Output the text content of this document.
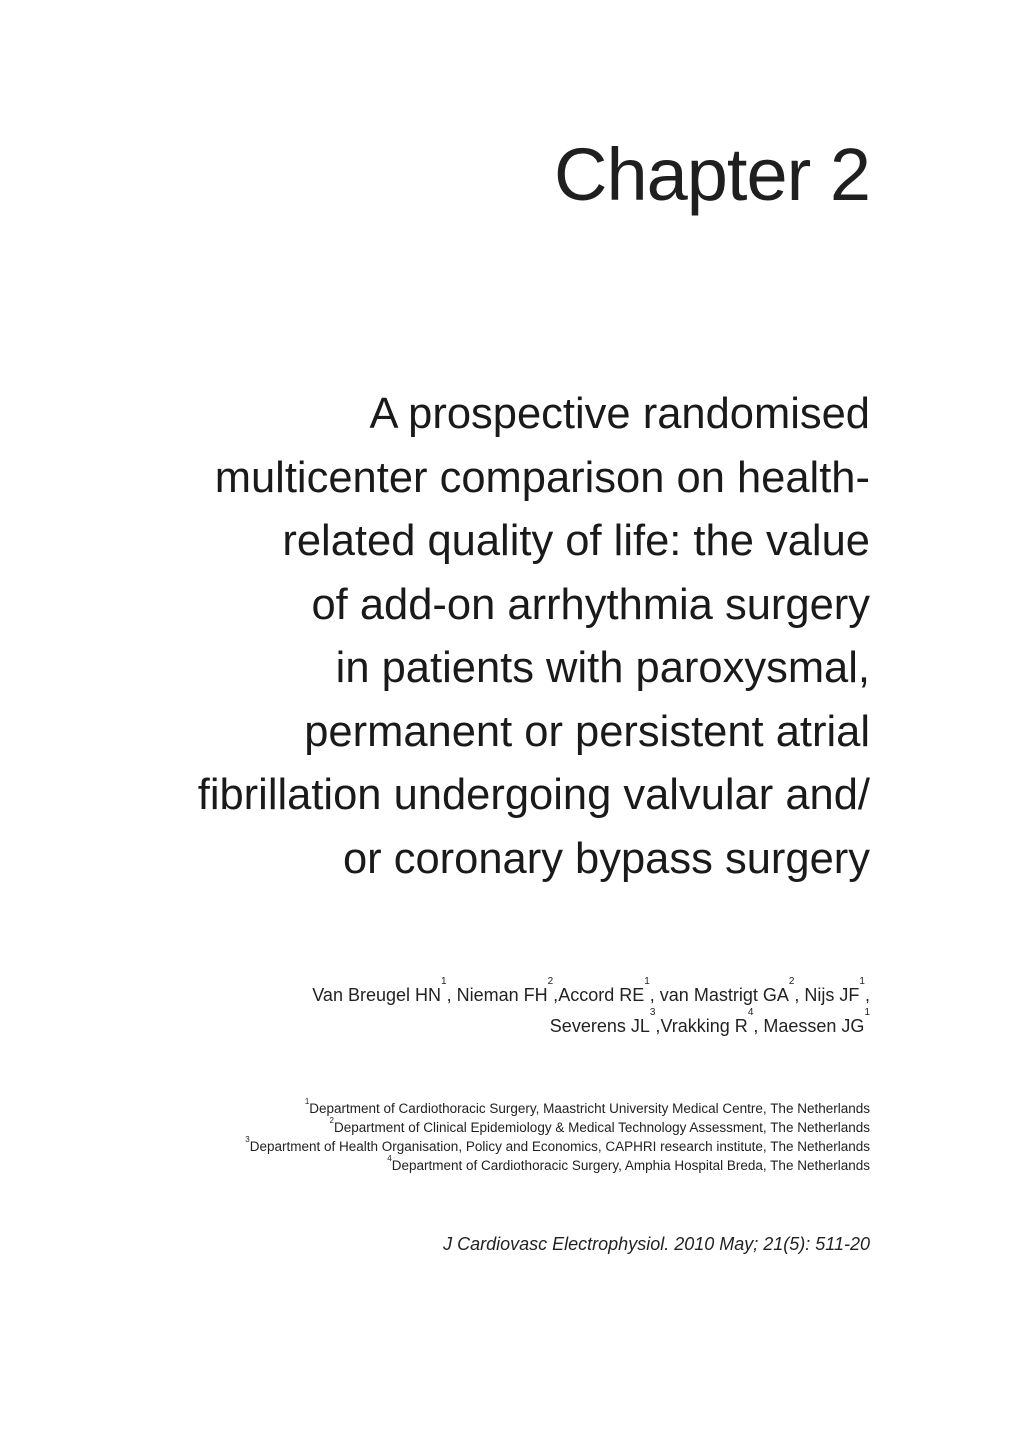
Chapter 2
A prospective randomised
multicenter comparison on health-
related quality of life: the value
of add-on arrhythmia surgery
in patients with paroxysmal,
permanent or persistent atrial
fibrillation undergoing valvular and/
or coronary bypass surgery
Van Breugel $HN^1$, Nieman $FH^2,Accord$ $RE^1$, van Mastrigt $GA^2$, Nijs $JF^1$,
Severens $JL^3,Vrakking$ $R^4$, Maessen $JG^1$
$^1$Department of Cardiothoracic Surgery, Maastricht University Medical Centre, The Netherlands
$^2$Department of Clinical Epidemiology & Medical Technology Assessment, The Netherlands
$^3$Department of Health Organisation, Policy and Economics, CAPHRI research institute, The Netherlands
$^4$Department of Cardiothoracic Surgery, Amphia Hospital Breda, The Netherlands
J Cardiovasc Electrophysiol. 2010 May; 21(5): 511-20
